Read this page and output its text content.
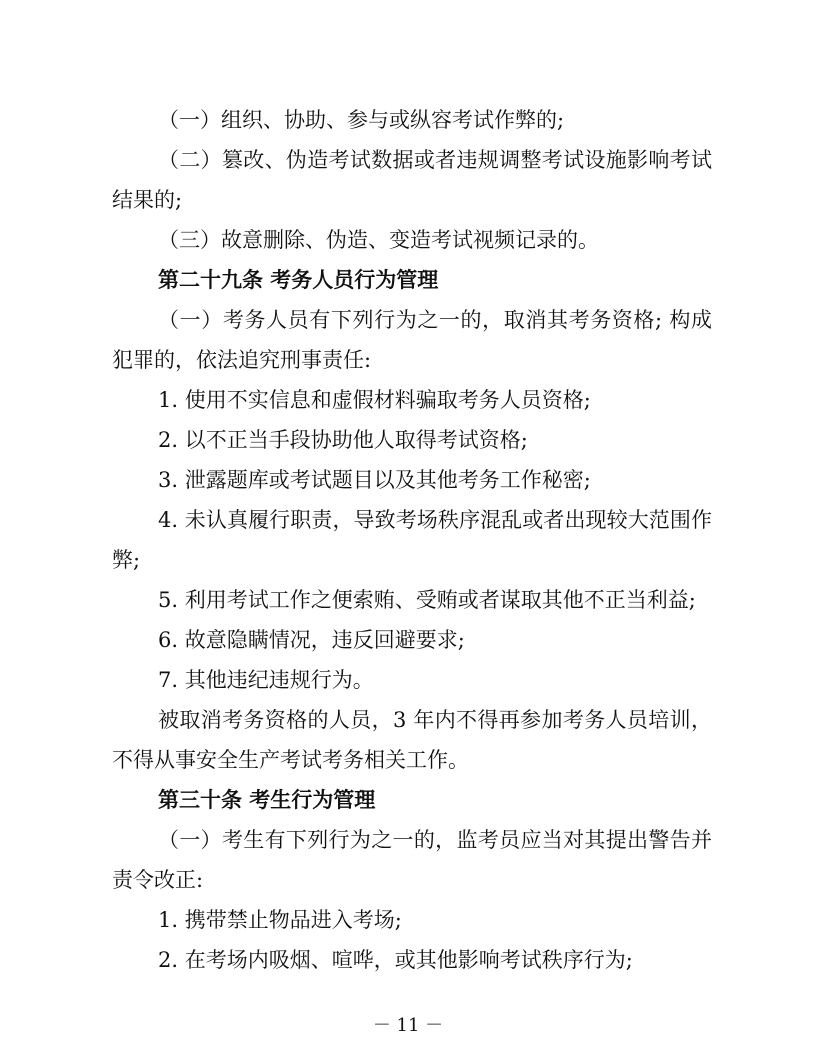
（一）组织、协助、参与或纵容考试作弊的;
（二）篡改、伪造考试数据或者违规调整考试设施影响考试
结果的;
（三）故意删除、伪造、变造考试视频记录的。
第二十九条 考务人员行为管理
（一）考务人员有下列行为之一的，取消其考务资格; 构成
犯罪的，依法追究刑事责任:
1. 使用不实信息和虚假材料骗取考务人员资格;
2. 以不正当手段协助他人取得考试资格;
3. 泄露题库或考试题目以及其他考务工作秘密;
4. 未认真履行职责，导致考场秩序混乱或者出现较大范围作
弊;
5. 利用考试工作之便索贿、受贿或者谋取其他不正当利益;
6. 故意隐瞒情况，违反回避要求;
7. 其他违纪违规行为。
被取消考务资格的人员，3 年内不得再参加考务人员培训，
不得从事安全生产考试考务相关工作。
第三十条 考生行为管理
（一）考生有下列行为之一的，监考员应当对其提出警告并
责令改正:
1. 携带禁止物品进入考场;
2. 在考场内吸烟、喧哗，或其他影响考试秩序行为;
－ 11 －
